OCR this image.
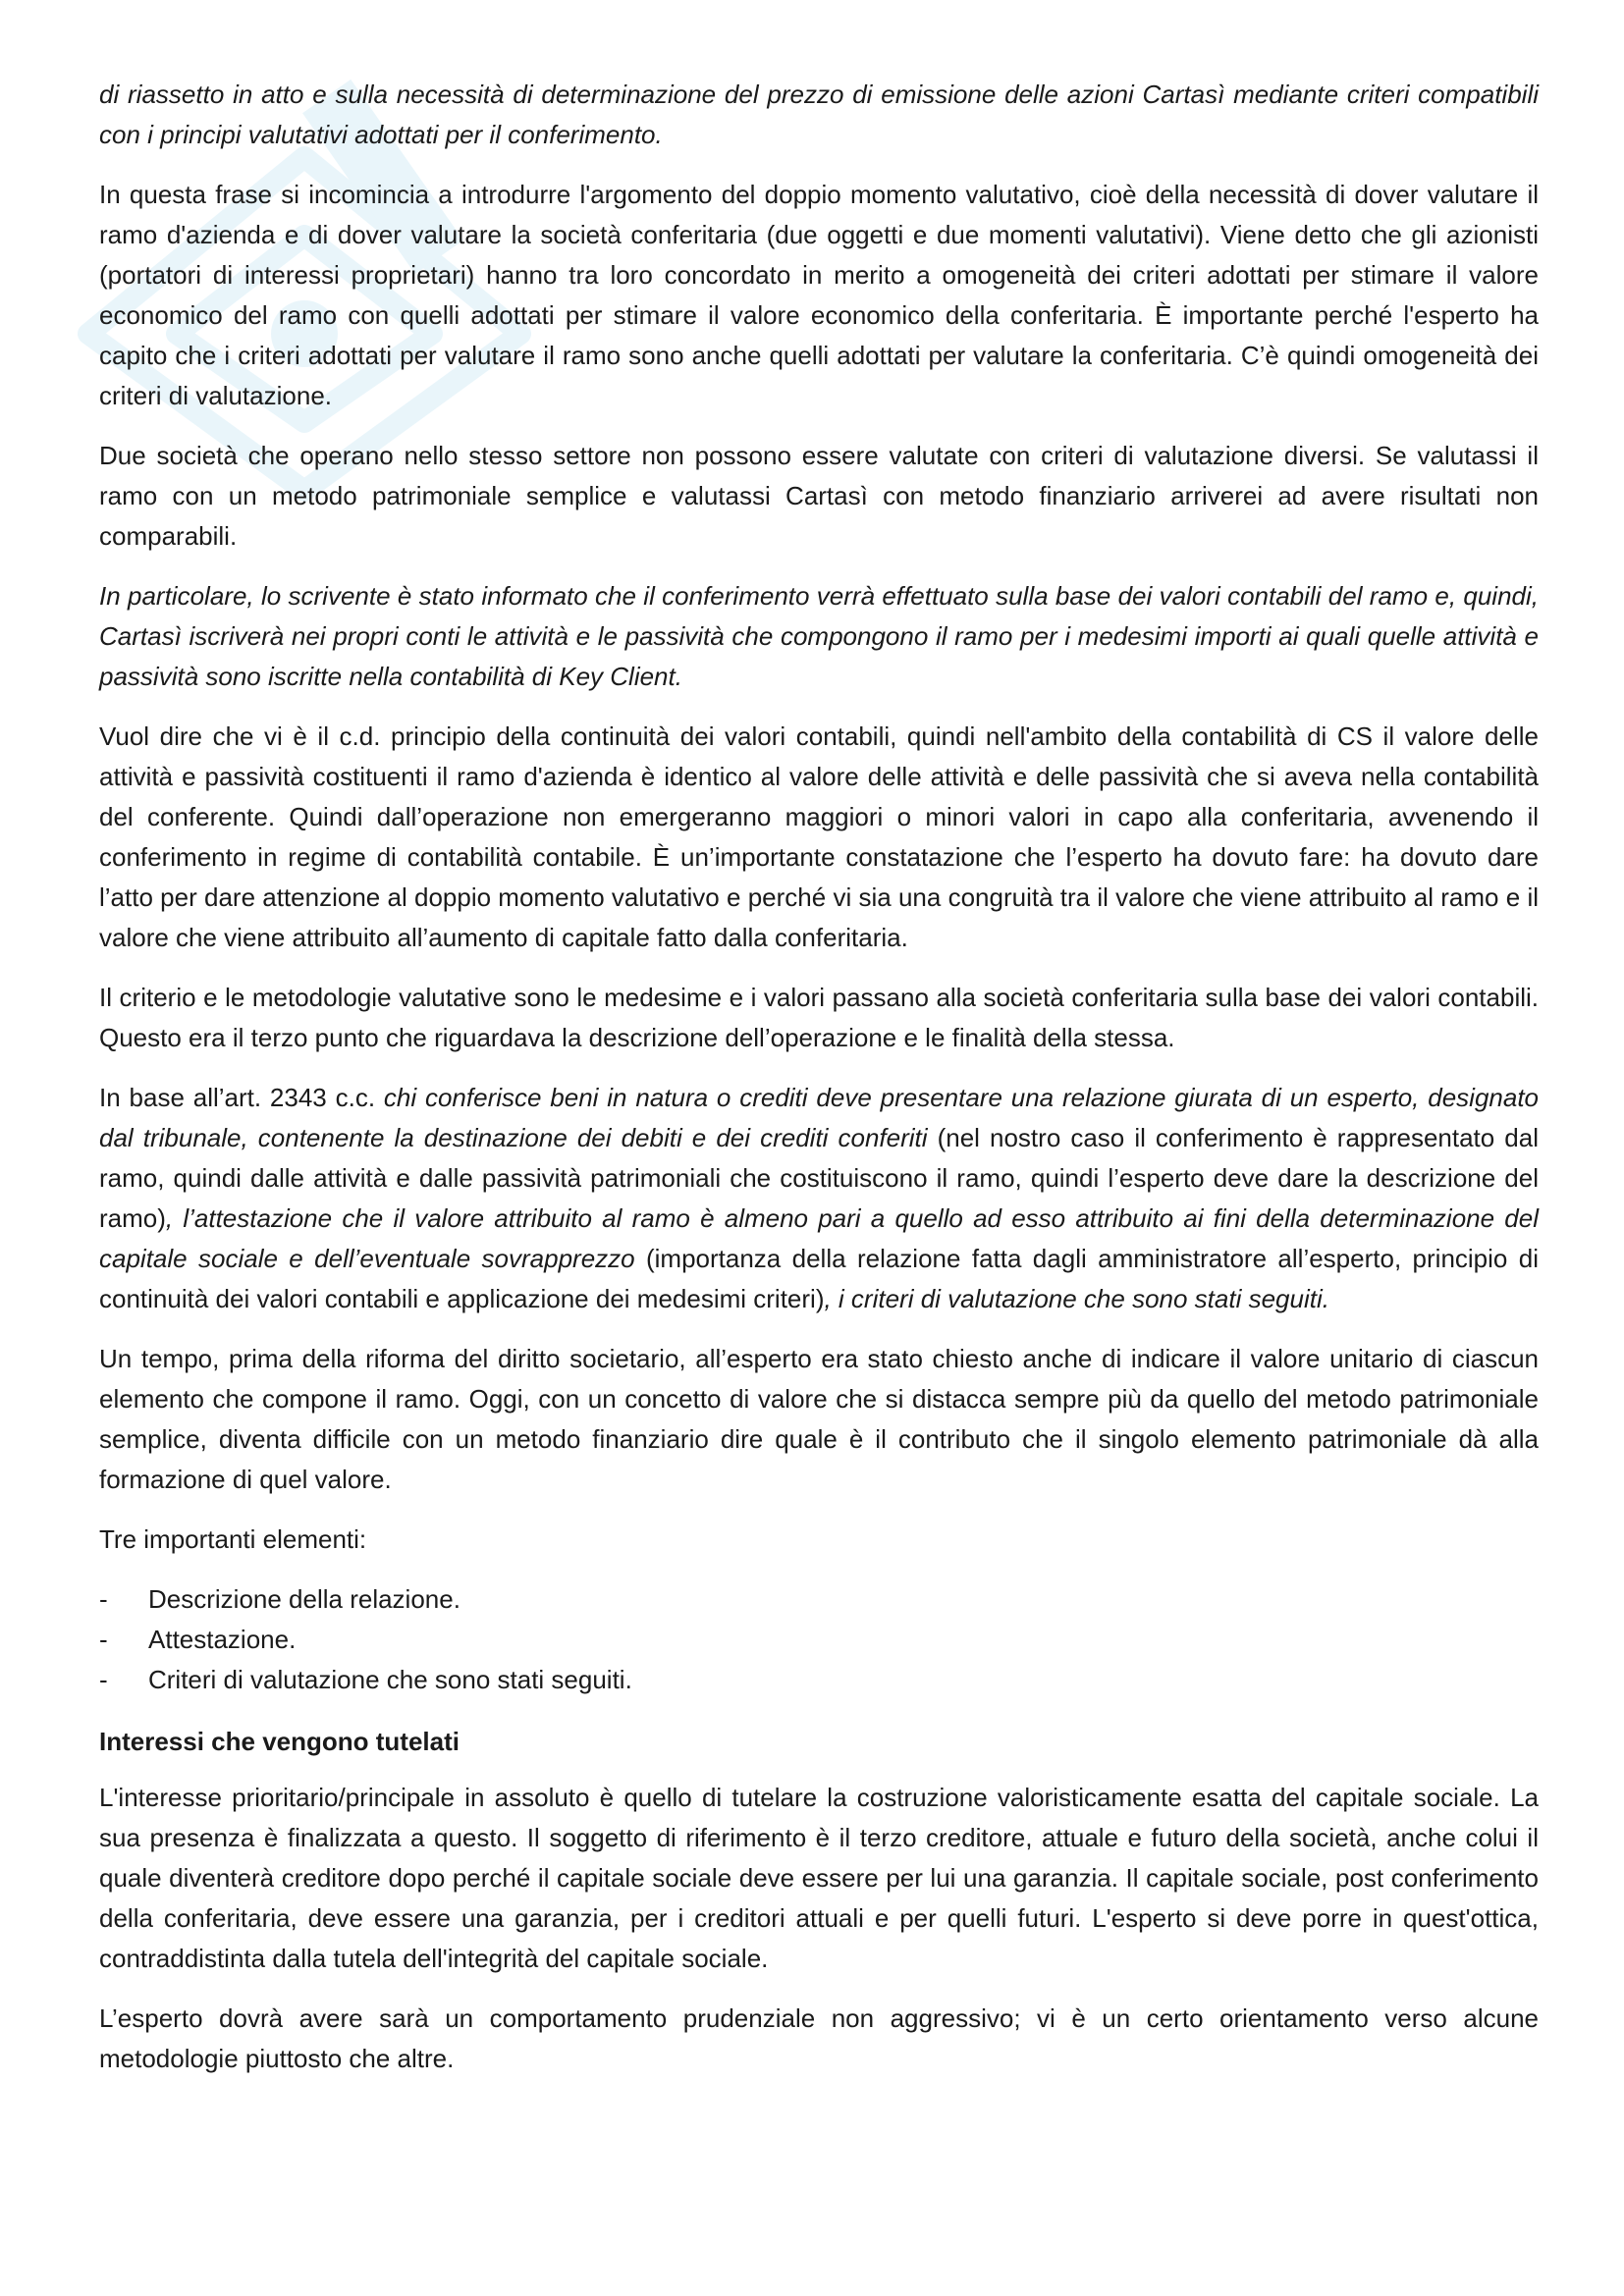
di riassetto in atto e sulla necessità di determinazione del prezzo di emissione delle azioni Cartasì mediante criteri compatibili con i principi valutativi adottati per il conferimento.

In questa frase si incomincia a introdurre l'argomento del doppio momento valutativo, cioè della necessità di dover valutare il ramo d'azienda e di dover valutare la società conferitaria (due oggetti e due momenti valutativi). Viene detto che gli azionisti (portatori di interessi proprietari) hanno tra loro concordato in merito a omogeneità dei criteri adottati per stimare il valore economico del ramo con quelli adottati per stimare il valore economico della conferitaria. È importante perché l'esperto ha capito che i criteri adottati per valutare il ramo sono anche quelli adottati per valutare la conferitaria. C’è quindi omogeneità dei criteri di valutazione.

Due società che operano nello stesso settore non possono essere valutate con criteri di valutazione diversi. Se valutassi il ramo con un metodo patrimoniale semplice e valutassi Cartasì con metodo finanziario arriverei ad avere risultati non comparabili.

In particolare, lo scrivente è stato informato che il conferimento verrà effettuato sulla base dei valori contabili del ramo e, quindi, Cartasì iscriverà nei propri conti le attività e le passività che compongono il ramo per i medesimi importi ai quali quelle attività e passività sono iscritte nella contabilità di Key Client.

Vuol dire che vi è il c.d. principio della continuità dei valori contabili, quindi nell'ambito della contabilità di CS il valore delle attività e passività costituenti il ramo d'azienda è identico al valore delle attività e delle passività che si aveva nella contabilità del conferente. Quindi dall’operazione non emergeranno maggiori o minori valori in capo alla conferitaria, avvenendo il conferimento in regime di contabilità contabile. È un’importante constatazione che l’esperto ha dovuto fare: ha dovuto dare l’atto per dare attenzione al doppio momento valutativo e perché vi sia una congruità tra il valore che viene attribuito al ramo e il valore che viene attribuito all’aumento di capitale fatto dalla conferitaria.

Il criterio e le metodologie valutative sono le medesime e i valori passano alla società conferitaria sulla base dei valori contabili. Questo era il terzo punto che riguardava la descrizione dell’operazione e le finalità della stessa.

In base all’art. 2343 c.c. chi conferisce beni in natura o crediti deve presentare una relazione giurata di un esperto, designato dal tribunale, contenente la destinazione dei debiti e dei crediti conferiti (nel nostro caso il conferimento è rappresentato dal ramo, quindi dalle attività e dalle passività patrimoniali che costituiscono il ramo, quindi l’esperto deve dare la descrizione del ramo), l’attestazione che il valore attribuito al ramo è almeno pari a quello ad esso attribuito ai fini della determinazione del capitale sociale e dell’eventuale sovrapprezzo (importanza della relazione fatta dagli amministratore all’esperto, principio di continuità dei valori contabili e applicazione dei medesimi criteri), i criteri di valutazione che sono stati seguiti.

Un tempo, prima della riforma del diritto societario, all’esperto era stato chiesto anche di indicare il valore unitario di ciascun elemento che compone il ramo. Oggi, con un concetto di valore che si distacca sempre più da quello del metodo patrimoniale semplice, diventa difficile con un metodo finanziario dire quale è il contributo che il singolo elemento patrimoniale dà alla formazione di quel valore.

Tre importanti elementi:

- Descrizione della relazione.
- Attestazione.
- Criteri di valutazione che sono stati seguiti.
Interessi che vengono tutelati

L'interesse prioritario/principale in assoluto è quello di tutelare la costruzione valoristicamente esatta del capitale sociale. La sua presenza è finalizzata a questo. Il soggetto di riferimento è il terzo creditore, attuale e futuro della società, anche colui il quale diventerà creditore dopo perché il capitale sociale deve essere per lui una garanzia. Il capitale sociale, post conferimento della conferitaria, deve essere una garanzia, per i creditori attuali e per quelli futuri. L'esperto si deve porre in quest'ottica, contraddistinta dalla tutela dell'integrità del capitale sociale.

L’esperto dovrà avere sarà un comportamento prudenziale non aggressivo; vi è un certo orientamento verso alcune metodologie piuttosto che altre.
